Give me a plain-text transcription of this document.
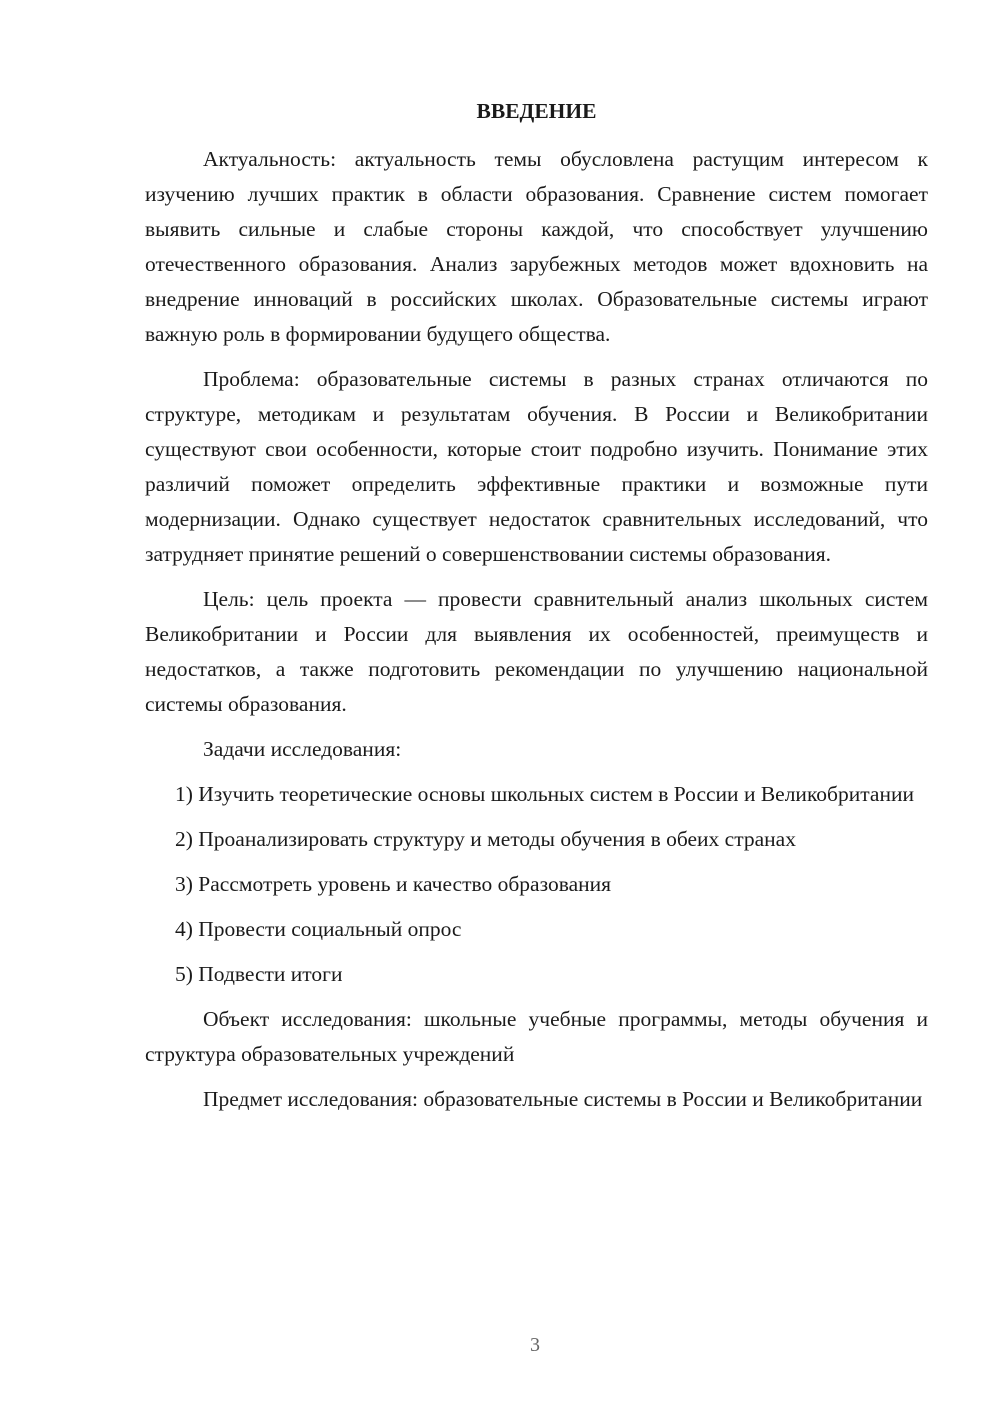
ВВЕДЕНИЕ

Актуальность: актуальность темы обусловлена растущим интересом к изучению лучших практик в области образования. Сравнение систем помогает выявить сильные и слабые стороны каждой, что способствует улучшению отечественного образования. Анализ зарубежных методов может вдохновить на внедрение инноваций в российских школах. Образовательные системы играют важную роль в формировании будущего общества.

Проблема: образовательные системы в разных странах отличаются по структуре, методикам и результатам обучения. В России и Великобритании существуют свои особенности, которые стоит подробно изучить. Понимание этих различий поможет определить эффективные практики и возможные пути модернизации. Однако существует недостаток сравнительных исследований, что затрудняет принятие решений о совершенствовании системы образования.

Цель: цель проекта — провести сравнительный анализ школьных систем Великобритании и России для выявления их особенностей, преимуществ и недостатков, а также подготовить рекомендации по улучшению национальной системы образования.

Задачи исследования:

1) Изучить теоретические основы школьных систем в России и Великобритании

2) Проанализировать структуру и методы обучения в обеих странах

3) Рассмотреть уровень и качество образования

4) Провести социальный опрос

5) Подвести итоги

Объект исследования: школьные учебные программы, методы обучения и структура образовательных учреждений

Предмет исследования: образовательные системы в России и Великобритании

3
